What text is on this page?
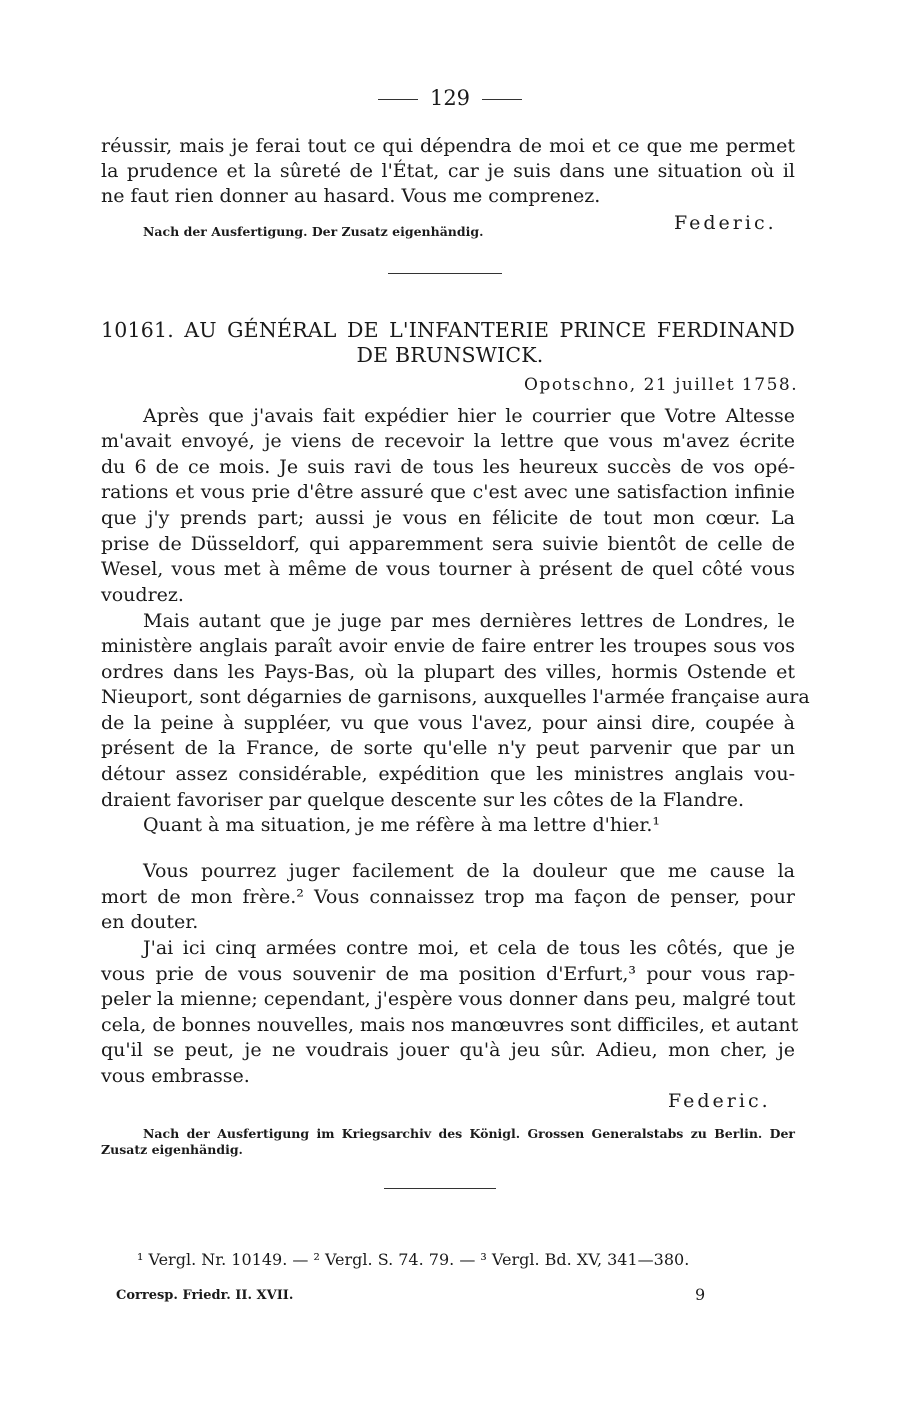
129
réussir, mais je ferai tout ce qui dépendra de moi et ce que me permet
la prudence et la sûreté de l'État, car je suis dans une situation où il
ne faut rien donner au hasard. Vous me comprenez.
Nach der Ausfertigung. Der Zusatz eigenhändig.	Federic.
10161. AU GÉNÉRAL DE L'INFANTERIE PRINCE FERDINAND
DE BRUNSWICK.
Opotschno, 21 juillet 1758.
Après que j'avais fait expédier hier le courrier que Votre Altesse
m'avait envoyé, je viens de recevoir la lettre que vous m'avez écrite
du 6 de ce mois. Je suis ravi de tous les heureux succès de vos opé-
rations et vous prie d'être assuré que c'est avec une satisfaction infinie
que j'y prends part; aussi je vous en félicite de tout mon cœur. La
prise de Düsseldorf, qui apparemment sera suivie bientôt de celle de
Wesel, vous met à même de vous tourner à présent de quel côté vous
voudrez.
Mais autant que je juge par mes dernières lettres de Londres, le
ministère anglais paraît avoir envie de faire entrer les troupes sous vos
ordres dans les Pays-Bas, où la plupart des villes, hormis Ostende et
Nieuport, sont dégarnies de garnisons, auxquelles l'armée française aura
de la peine à suppléer, vu que vous l'avez, pour ainsi dire, coupée à
présent de la France, de sorte qu'elle n'y peut parvenir que par un
détour assez considérable, expédition que les ministres anglais vou-
draient favoriser par quelque descente sur les côtes de la Flandre.
Quant à ma situation, je me réfère à ma lettre d'hier.¹
Vous pourrez juger facilement de la douleur que me cause la
mort de mon frère.² Vous connaissez trop ma façon de penser, pour
en douter.
J'ai ici cinq armées contre moi, et cela de tous les côtés, que je
vous prie de vous souvenir de ma position d'Erfurt,³ pour vous rap-
peler la mienne; cependant, j'espère vous donner dans peu, malgré tout
cela, de bonnes nouvelles, mais nos manœuvres sont difficiles, et autant
qu'il se peut, je ne voudrais jouer qu'à jeu sûr. Adieu, mon cher, je
vous embrasse.
Federic.
Nach der Ausfertigung im Kriegsarchiv des Königl. Grossen Generalstabs zu Berlin. Der
Zusatz eigenhändig.
¹ Vergl. Nr. 10149. — ² Vergl. S. 74. 79. — ³ Vergl. Bd. XV, 341—380.
Corresp. Friedr. II. XVII.	9
